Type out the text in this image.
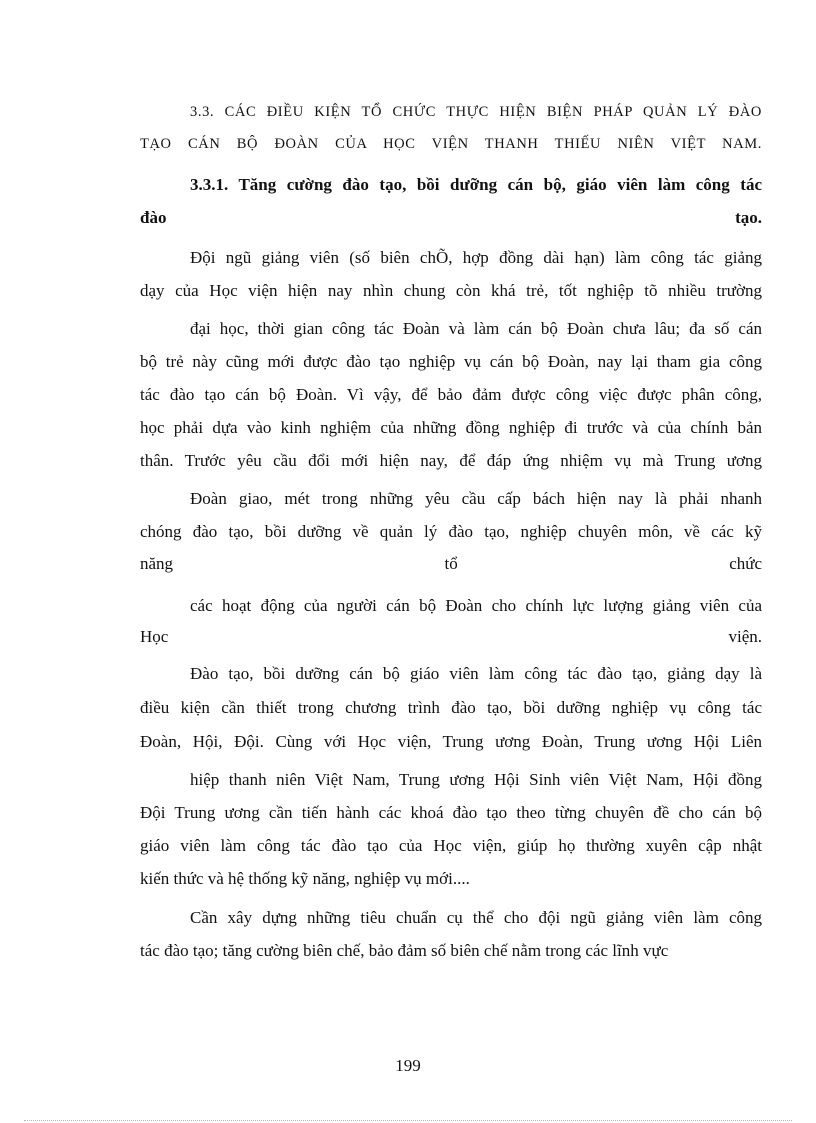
3.3. CÁC ĐIỀU KIỆN TỔ CHỨC THỰC HIỆN BIỆN PHÁP QUẢN LÝ ĐÀO
TẠO CÁN BỘ ĐOÀN CỦA HỌC VIỆN THANH THIẾU NIÊN VIỆT NAM.
3.3.1. Tăng cường đào tạo, bồi dưỡng cán bộ, giáo viên làm công tác
đào tạo.
Đội ngũ giảng viên (số biên chÕ, hợp đồng dài hạn) làm công tác giảng
dạy của Học viện hiện nay nhìn chung còn khá trẻ, tốt nghiệp tõ nhiều trường
đại học, thời gian công tác Đoàn và làm cán bộ Đoàn chưa lâu; đa số cán
bộ trẻ này cũng mới được đào tạo nghiệp vụ cán bộ Đoàn, nay lại tham gia công
tác đào tạo cán bộ Đoàn. Vì vậy, để bảo đảm được công việc được phân công,
học phải dựa vào kinh nghiệm của những đồng nghiệp đi trước và của chính bản
thân. Trước yêu cầu đổi mới hiện nay, để đáp ứng nhiệm vụ mà Trung ương
Đoàn giao, mét trong những yêu cầu cấp bách hiện nay là phải nhanh
chóng đào tạo, bồi dưỡng về quản lý đào tạo, nghiệp chuyên môn, về các kỹ
năng tổ chức
các hoạt động của người cán bộ Đoàn cho chính lực lượng giảng viên của
Học viện.
Đào tạo, bồi dưỡng cán bộ giáo viên làm công tác đào tạo, giảng dạy là
điều kiện cần thiết trong chương trình đào tạo, bồi dưỡng nghiệp vụ công tác
Đoàn, Hội, Đội. Cùng với Học viện, Trung ương Đoàn, Trung ương Hội Liên
hiệp thanh niên Việt Nam, Trung ương Hội Sinh viên Việt Nam, Hội đồng
Đội Trung ương cần tiến hành các khoá đào tạo theo từng chuyên đề cho cán bộ
giáo viên làm công tác đào tạo của Học viện, giúp họ thường xuyên cập nhật
kiến thức và hệ thống kỹ năng, nghiệp vụ mới....
Cần xây dựng những tiêu chuẩn cụ thể cho đội ngũ giảng viên làm công
tác đào tạo; tăng cường biên chế, bảo đảm số biên chế nằm trong các lĩnh vực
199
